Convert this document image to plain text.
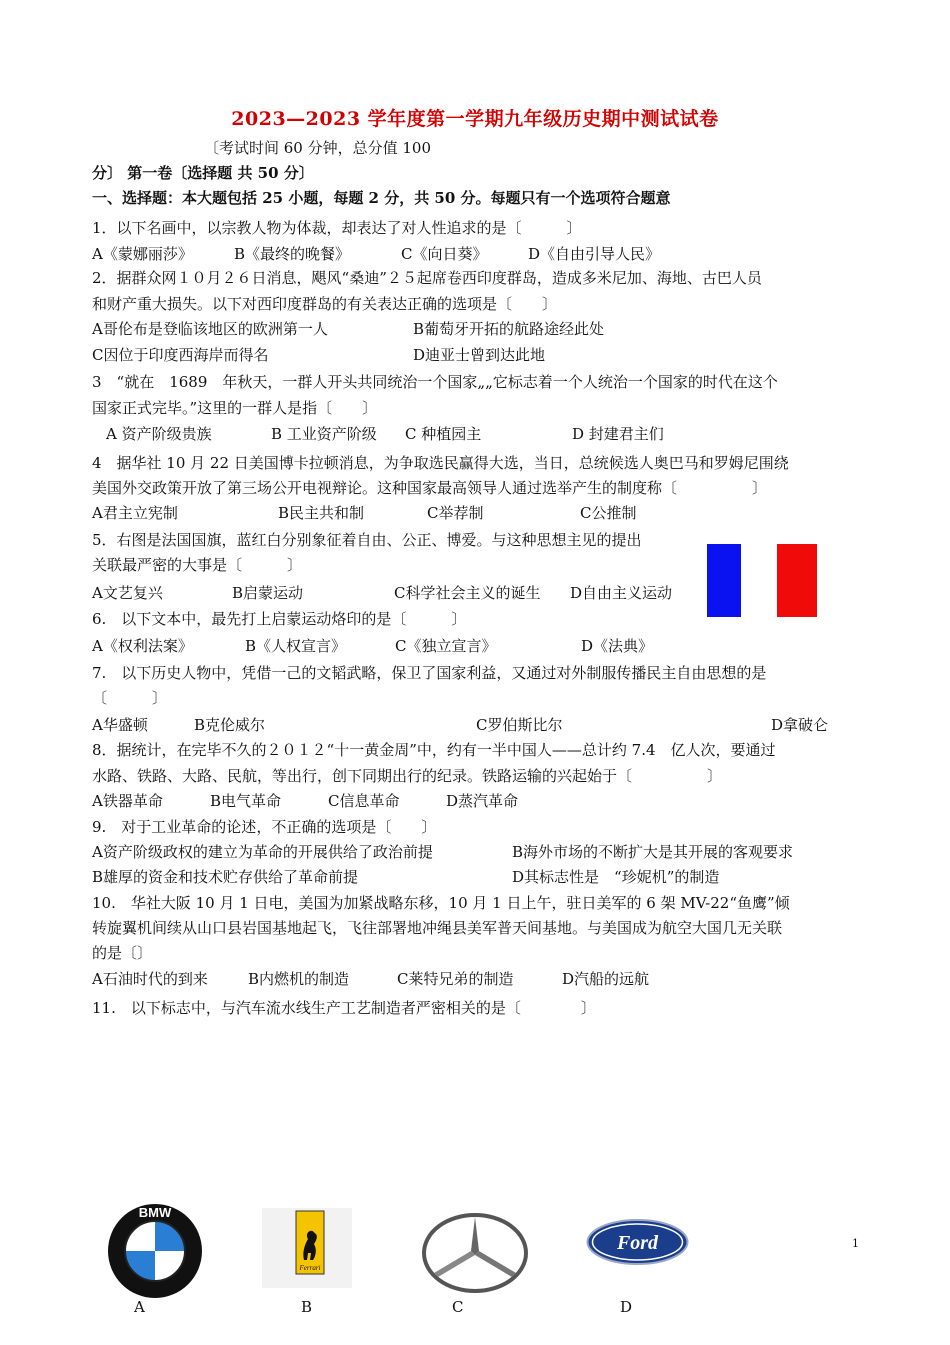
2023—2023 学年度第一学期九年级历史期中测试试卷
〔考试时间 60 分钟，总分值 100
分〕 第一卷〔选择题 共 50 分〕
一、选择题：本大题包括 25 小题，每题 2 分，共 50 分。每题只有一个选项符合题意
1．以下名画中，以宗教人物为体裁，却表达了对人性追求的是〔　　　〕
A《蒙娜丽莎》	B《最终的晚餐》	C《向日葵》	D《自由引导人民》
2．据群众网１０月２６日消息，飓风“桑迪”２５起席卷西印度群岛，造成多米尼加、海地、古巴人员
和财产重大损失。以下对西印度群岛的有关表达正确的选项是〔　　〕
A哥伦布是登临该地区的欧洲第一人	B葡萄牙开拓的航路途经此处
C因位于印度西海岸而得名	D迪亚士曾到达此地
3　“就在　1689　年秋天，一群人开头共同统治一个国家„„它标志着一个人统治一个国家的时代在这个
国家正式完毕。”这里的一群人是指〔　　〕
A 资产阶级贵族	B 工业资产阶级 C 种植园主	D 封建君主们
4　据华社 10 月 22 日美国博卡拉顿消息，为争取选民赢得大选，当日，总统候选人奥巴马和罗姆尼围绕
美国外交政策开放了第三场公开电视辩论。这种国家最高领导人通过选举产生的制度称〔　　　　　〕
A君主立宪制	B民主共和制	C举荐制	C公推制
5．右图是法国国旗，蓝红白分别象征着自由、公正、博爱。与这种思想主见的提出
关联最严密的大事是〔　　　〕
A文艺复兴	B启蒙运动	C科学社会主义的诞生 D自由主义运动
6.　以下文本中，最先打上启蒙运动烙印的是〔　　　〕
A《权利法案》	B《人权宣言》	C《独立宣言》	D《法典》
7.　以下历史人物中，凭借一己的文韬武略，保卫了国家利益，又通过对外制服传播民主自由思想的是
〔　　　〕
A华盛顿	B克伦威尔	C罗伯斯比尔	D拿破仑
8．据统计，在完毕不久的２０１２“十一黄金周”中，约有一半中国人——总计约 7.4　亿人次，要通过
水路、铁路、大路、民航，等出行，创下同期出行的纪录。铁路运输的兴起始于〔　　　　　〕
A铁器革命	B电气革命	C信息革命	D蒸汽革命
9.　对于工业革命的论述，不正确的选项是〔　　〕
A资产阶级政权的建立为革命的开展供给了政治前提	B海外市场的不断扩大是其开展的客观要求
B雄厚的资金和技术贮存供给了革命前提	D其标志性是　“珍妮机”的制造
10.　华社大阪 10 月 1 日电，美国为加紧战略东移，10 月 1 日上午，驻日美军的 6 架 MV-22“鱼鹰”倾
转旋翼机间续从山口县岩国基地起飞，飞往部署地冲绳县美军普天间基地。与美国成为航空大国几无关联
的是〔〕
A石油时代的到来	B内燃机的制造	C莱特兄弟的制造	D汽船的远航
11.　以下标志中，与汽车流水线生产工艺制造者严密相关的是〔　　　　〕
BMW
Ferrari
Ford
A	B	C	D
1
